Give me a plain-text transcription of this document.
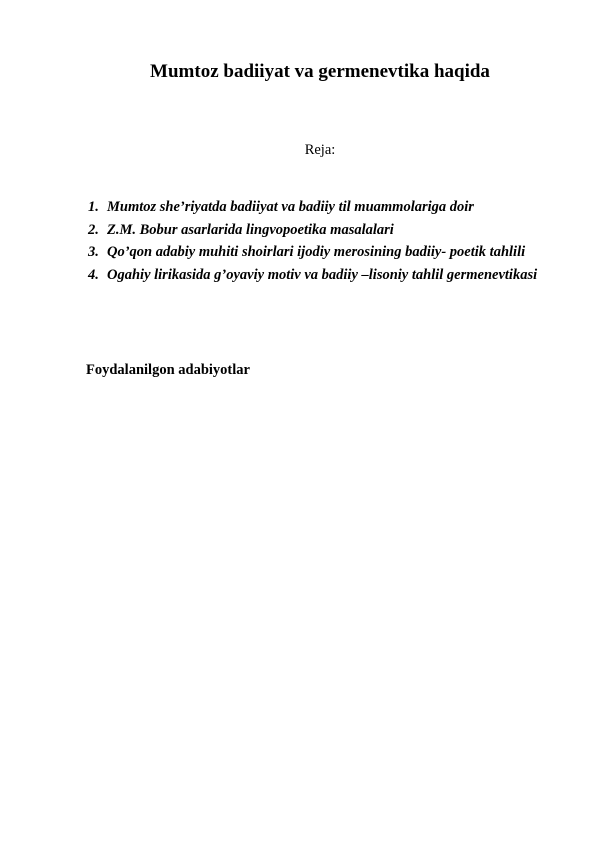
Mumtoz badiiyat va germenevtika haqida
Reja:
1. Mumtoz she’riyatda badiiyat va badiiy til muammolariga doir
2. Z.M. Bobur asarlarida lingvopoetika masalalari
3. Qo’qon adabiy muhiti shoirlari ijodiy merosining badiiy- poetik tahlili
4. Ogahiy lirikasida g’oyaviy motiv va badiiy –lisoniy tahlil germenevtikasi
Foydalanilgon adabiyotlar
